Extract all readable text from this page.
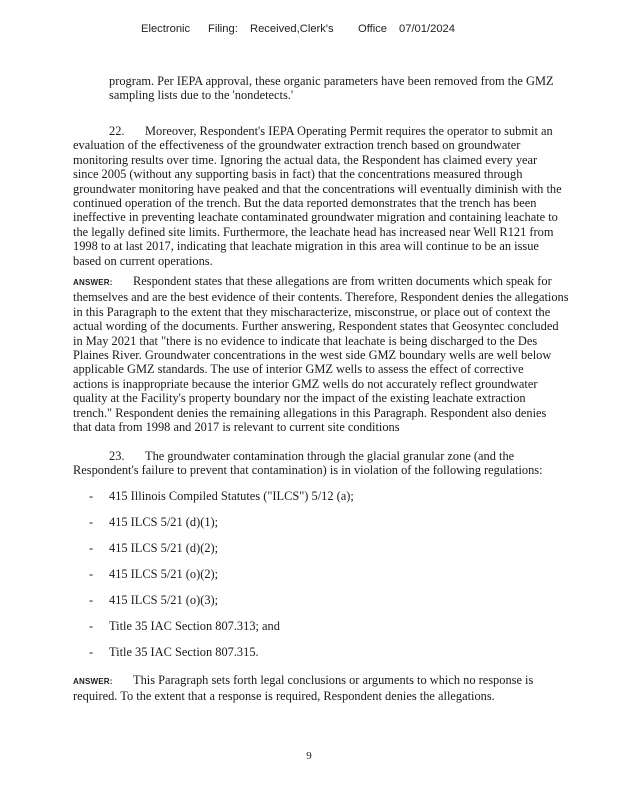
Electronic Filing: Received,Clerk's Office 07/01/2024
program. Per IEPA approval, these organic parameters have been removed from the GMZ
sampling lists due to the 'nondetects.'
22. Moreover, Respondent's IEPA Operating Permit requires the operator to submit an
evaluation of the effectiveness of the groundwater extraction trench based on groundwater
monitoring results over time. Ignoring the actual data, the Respondent has claimed every year
since 2005 (without any supporting basis in fact) that the concentrations measured through
groundwater monitoring have peaked and that the concentrations will eventually diminish with the
continued operation of the trench. But the data reported demonstrates that the trench has been
ineffective in preventing leachate contaminated groundwater migration and containing leachate to
the legally defined site limits. Furthermore, the leachate head has increased near Well R121 from
1998 to at last 2017, indicating that leachate migration in this area will continue to be an issue
based on current operations.
ANSWER: Respondent states that these allegations are from written documents which speak for
themselves and are the best evidence of their contents. Therefore, Respondent denies the allegations
in this Paragraph to the extent that they mischaracterize, misconstrue, or place out of context the
actual wording of the documents. Further answering, Respondent states that Geosyntec concluded
in May 2021 that "there is no evidence to indicate that leachate is being discharged to the Des
Plaines River. Groundwater concentrations in the west side GMZ boundary wells are well below
applicable GMZ standards. The use of interior GMZ wells to assess the effect of corrective
actions is inappropriate because the interior GMZ wells do not accurately reflect groundwater
quality at the Facility's property boundary nor the impact of the existing leachate extraction
trench." Respondent denies the remaining allegations in this Paragraph. Respondent also denies
that data from 1998 and 2017 is relevant to current site conditions
23. The groundwater contamination through the glacial granular zone (and the
Respondent's failure to prevent that contamination) is in violation of the following regulations:
- 415 Illinois Compiled Statutes ("ILCS") 5/12 (a);
- 415 ILCS 5/21 (d)(1);
- 415 ILCS 5/21 (d)(2);
- 415 ILCS 5/21 (o)(2);
- 415 ILCS 5/21 (o)(3);
- Title 35 IAC Section 807.313; and
- Title 35 IAC Section 807.315.
ANSWER: This Paragraph sets forth legal conclusions or arguments to which no response is
required. To the extent that a response is required, Respondent denies the allegations.
9
